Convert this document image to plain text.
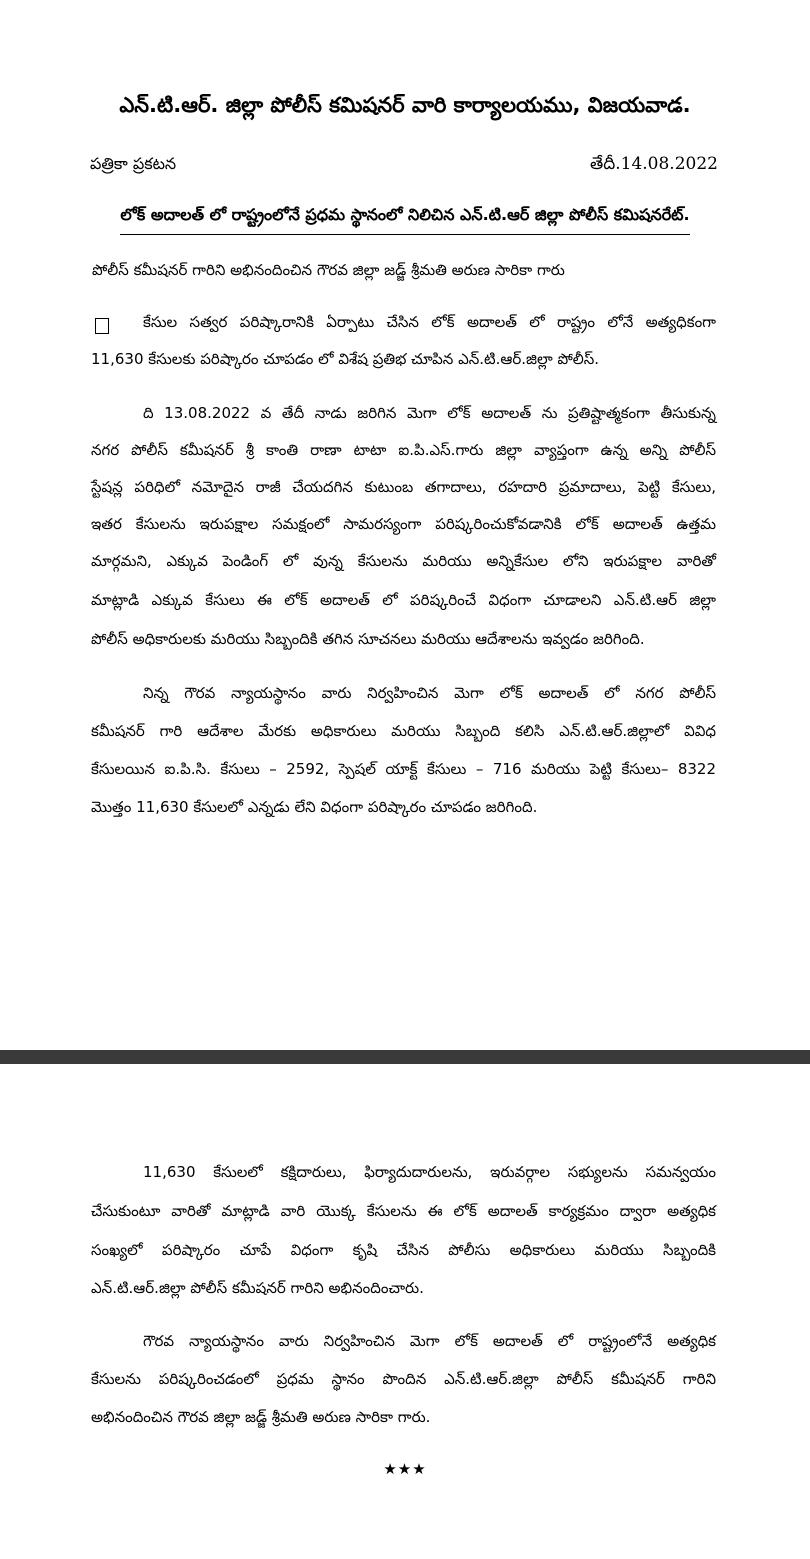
ఎన్.టి.ఆర్. జిల్లా పోలీస్ కమిషనర్ వారి కార్యాలయము, విజయవాడ.
పత్రికా ప్రకటన	తేదీ.14.08.2022
లోక్ అదాలత్ లో రాష్ట్రంలోనే ప్రధమ స్థానంలో నిలిచిన ఎన్.టి.ఆర్ జిల్లా పోలీస్ కమిషనరేట్.
పోలీస్ కమీషనర్ గారిని అభినందించిన గౌరవ జిల్లా జడ్జ్ శ్రీమతి అరుణ సారికా గారు
కేసుల సత్వర పరిష్కారానికి ఏర్పాటు చేసిన లోక్ అదాలత్ లో రాష్ట్రం లోనే అత్యధికంగా
11,630 కేసులకు పరిష్కారం చూపడం లో విశేష ప్రతిభ చూపిన ఎన్.టి.ఆర్.జిల్లా పోలీస్.
ది 13.08.2022 వ తేదీ నాడు జరిగిన మెగా లోక్ అదాలత్ ను ప్రతిష్టాత్మకంగా తీసుకున్న
నగర పోలీస్ కమీషనర్ శ్రీ కాంతి రాణా టాటా ఐ.పి.ఎస్.గారు జిల్లా వ్యాప్తంగా ఉన్న అన్ని పోలీస్
స్టేషన్ల పరిధిలో నమోదైన రాజీ చేయదగిన కుటుంబ తగాదాలు, రహదారి ప్రమాదాలు, పెట్టి కేసులు,
ఇతర కేసులను ఇరుపక్షాల సమక్షంలో సామరస్యంగా పరిష్కరించుకోవడానికి లోక్ అదాలత్ ఉత్తమ
మార్గమని, ఎక్కువ పెండింగ్ లో వున్న కేసులను మరియు అన్నికేసుల లోని ఇరుపక్షాల వారితో
మాట్లాడి ఎక్కువ కేసులు ఈ లోక్ అదాలత్ లో పరిష్కరించే విధంగా చూడాలని ఎన్.టి.ఆర్ జిల్లా
పోలీస్ అధికారులకు మరియు సిబ్బందికి తగిన సూచనలు మరియు ఆదేశాలను ఇవ్వడం జరిగింది.
నిన్న గౌరవ న్యాయస్థానం వారు నిర్వహించిన మెగా లోక్ అదాలత్ లో నగర పోలీస్
కమీషనర్ గారి ఆదేశాల మేరకు అధికారులు మరియు సిబ్బంది కలిసి ఎన్.టి.ఆర్.జిల్లాలో వివిధ
కేసులయిన ఐ.పి.సి. కేసులు – 2592, స్పెషల్ యాక్ట్ కేసులు – 716 మరియు పెట్టి కేసులు– 8322
మొత్తం 11,630 కేసులలో ఎన్నడు లేని విధంగా పరిష్కారం చూపడం జరిగింది.
11,630 కేసులలో కక్షిదారులు, ఫిర్యాదుదారులను, ఇరువర్గాల సభ్యులను సమన్వయం
చేసుకుంటూ వారితో మాట్లాడి వారి యొక్క కేసులను ఈ లోక్ అదాలత్ కార్యక్రమం ద్వారా అత్యధిక
సంఖ్యలో పరిష్కారం చూపే విధంగా కృషి చేసిన పోలీసు అధికారులు మరియు సిబ్బందికి
ఎన్.టి.ఆర్.జిల్లా పోలీస్ కమీషనర్ గారిని అభినందించారు.
గౌరవ న్యాయస్థానం వారు నిర్వహించిన మెగా లోక్ అదాలత్ లో రాష్ట్రంలోనే అత్యధిక
కేసులను పరిష్కరించడంలో ప్రధమ స్థానం పొందిన ఎన్.టి.ఆర్.జిల్లా పోలీస్ కమీషనర్ గారిని
అభినందించిన గౌరవ జిల్లా జడ్జ్ శ్రీమతి అరుణ సారికా గారు.
★★★
